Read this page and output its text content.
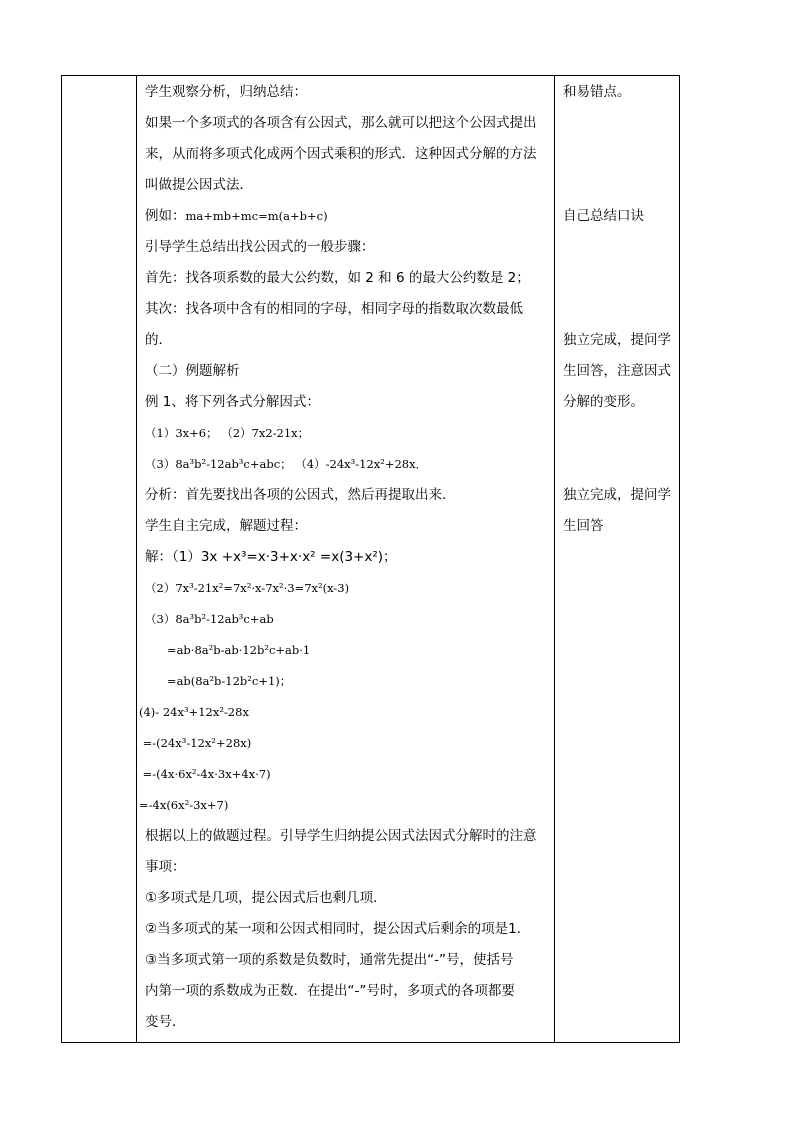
学生观察分析，归纳总结：
如果一个多项式的各项含有公因式，那么就可以把这个公因式提出
来，从而将多项式化成两个因式乘积的形式．这种因式分解的方法
叫做提公因式法．
例如：ma+mb+mc=m(a+b+c)
引导学生总结出找公因式的一般步骤：
首先：找各项系数的最大公约数，如 2 和 6 的最大公约数是 2；
其次：找各项中含有的相同的字母，相同字母的指数取次数最低
的．
（二）例题解析
例 1、将下列各式分解因式：
（1）3x+6； （2）7x2-21x；
（3）8a³b²-12ab³c+abc； （4）-24x³-12x²+28x．
分析：首先要找出各项的公因式，然后再提取出来．
学生自主完成，解题过程：
解：（1）3x +x³=x·3+x·x² =x(3+x²)；
（2）7x³-21x²=7x²·x-7x²·3=7x²(x-3)
（3）8a³b²-12ab³c+ab
=ab·8a²b-ab·12b²c+ab·1
=ab(8a²b-12b²c+1)；
(4)- 24x³+12x²-28x
=-(24x³-12x²+28x)
=-(4x·6x²-4x·3x+4x·7)
=-4x(6x²-3x+7)
根据以上的做题过程。引导学生归纳提公因式法因式分解时的注意
事项：
①多项式是几项，提公因式后也剩几项．
②当多项式的某一项和公因式相同时，提公因式后剩余的项是1．
③当多项式第一项的系数是负数时，通常先提出“-”号，使括号
内第一项的系数成为正数．在提出“-”号时，多项式的各项都要
变号．

和易错点。
自己总结口诀
独立完成，提问学
生回答，注意因式
分解的变形。
独立完成，提问学
生回答
